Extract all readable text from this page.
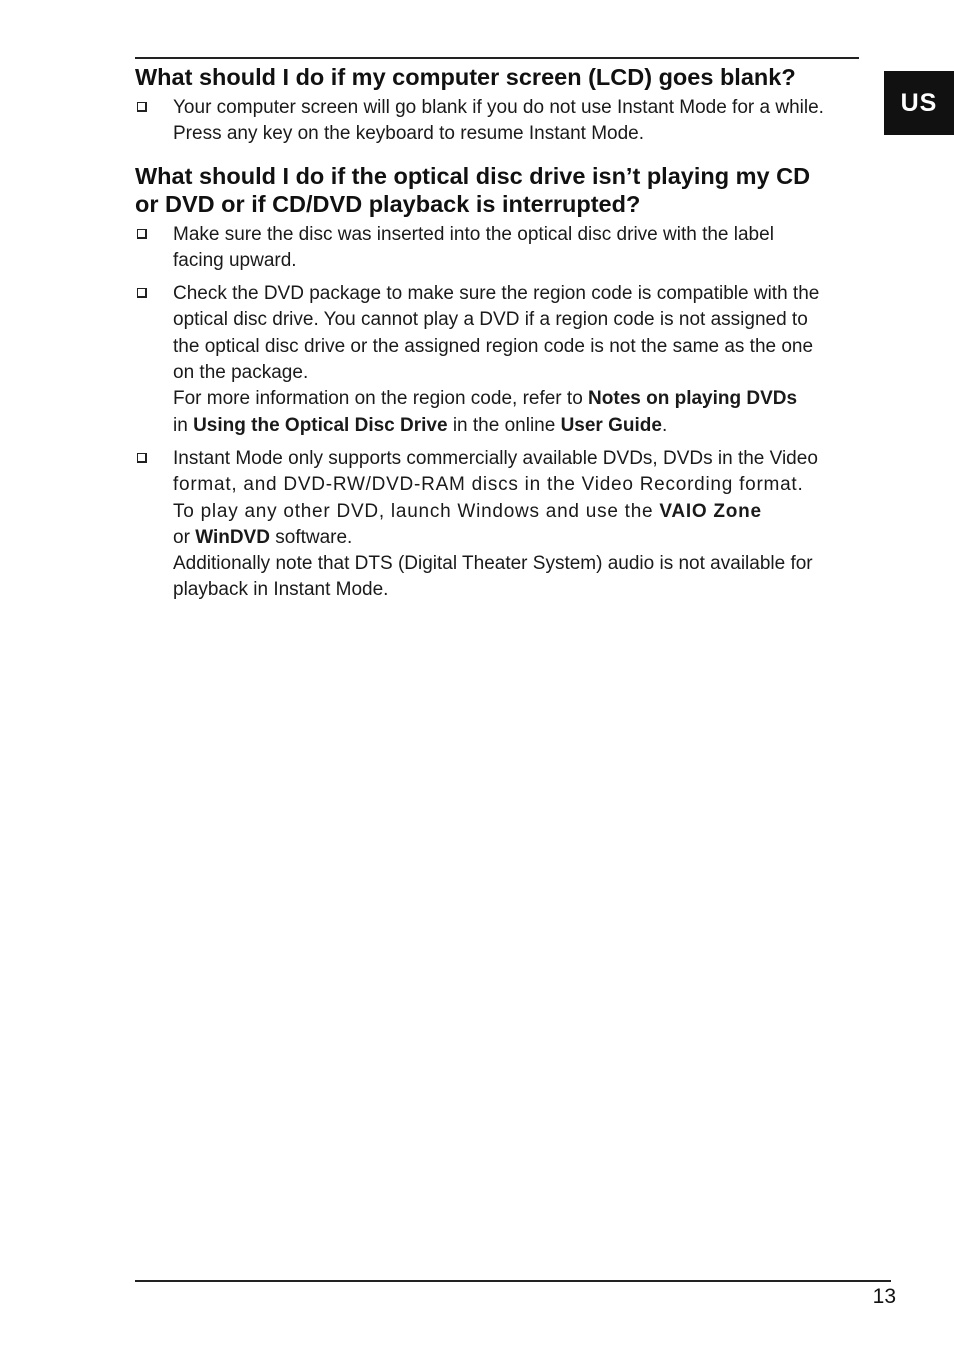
US
What should I do if my computer screen (LCD) goes blank?
Your computer screen will go blank if you do not use Instant Mode for a while.
Press any key on the keyboard to resume Instant Mode.
What should I do if the optical disc drive isn’t playing my CD
or DVD or if CD/DVD playback is interrupted?
Make sure the disc was inserted into the optical disc drive with the label
facing upward.
Check the DVD package to make sure the region code is compatible with the
optical disc drive. You cannot play a DVD if a region code is not assigned to
the optical disc drive or the assigned region code is not the same as the one
on the package.
For more information on the region code, refer to Notes on playing DVDs
in Using the Optical Disc Drive in the online User Guide.
Instant Mode only supports commercially available DVDs, DVDs in the Video
format, and DVD-RW/DVD-RAM discs in the Video Recording format.
To play any other DVD, launch Windows and use the VAIO Zone
or WinDVD software.
Additionally note that DTS (Digital Theater System) audio is not available for
playback in Instant Mode.
13
